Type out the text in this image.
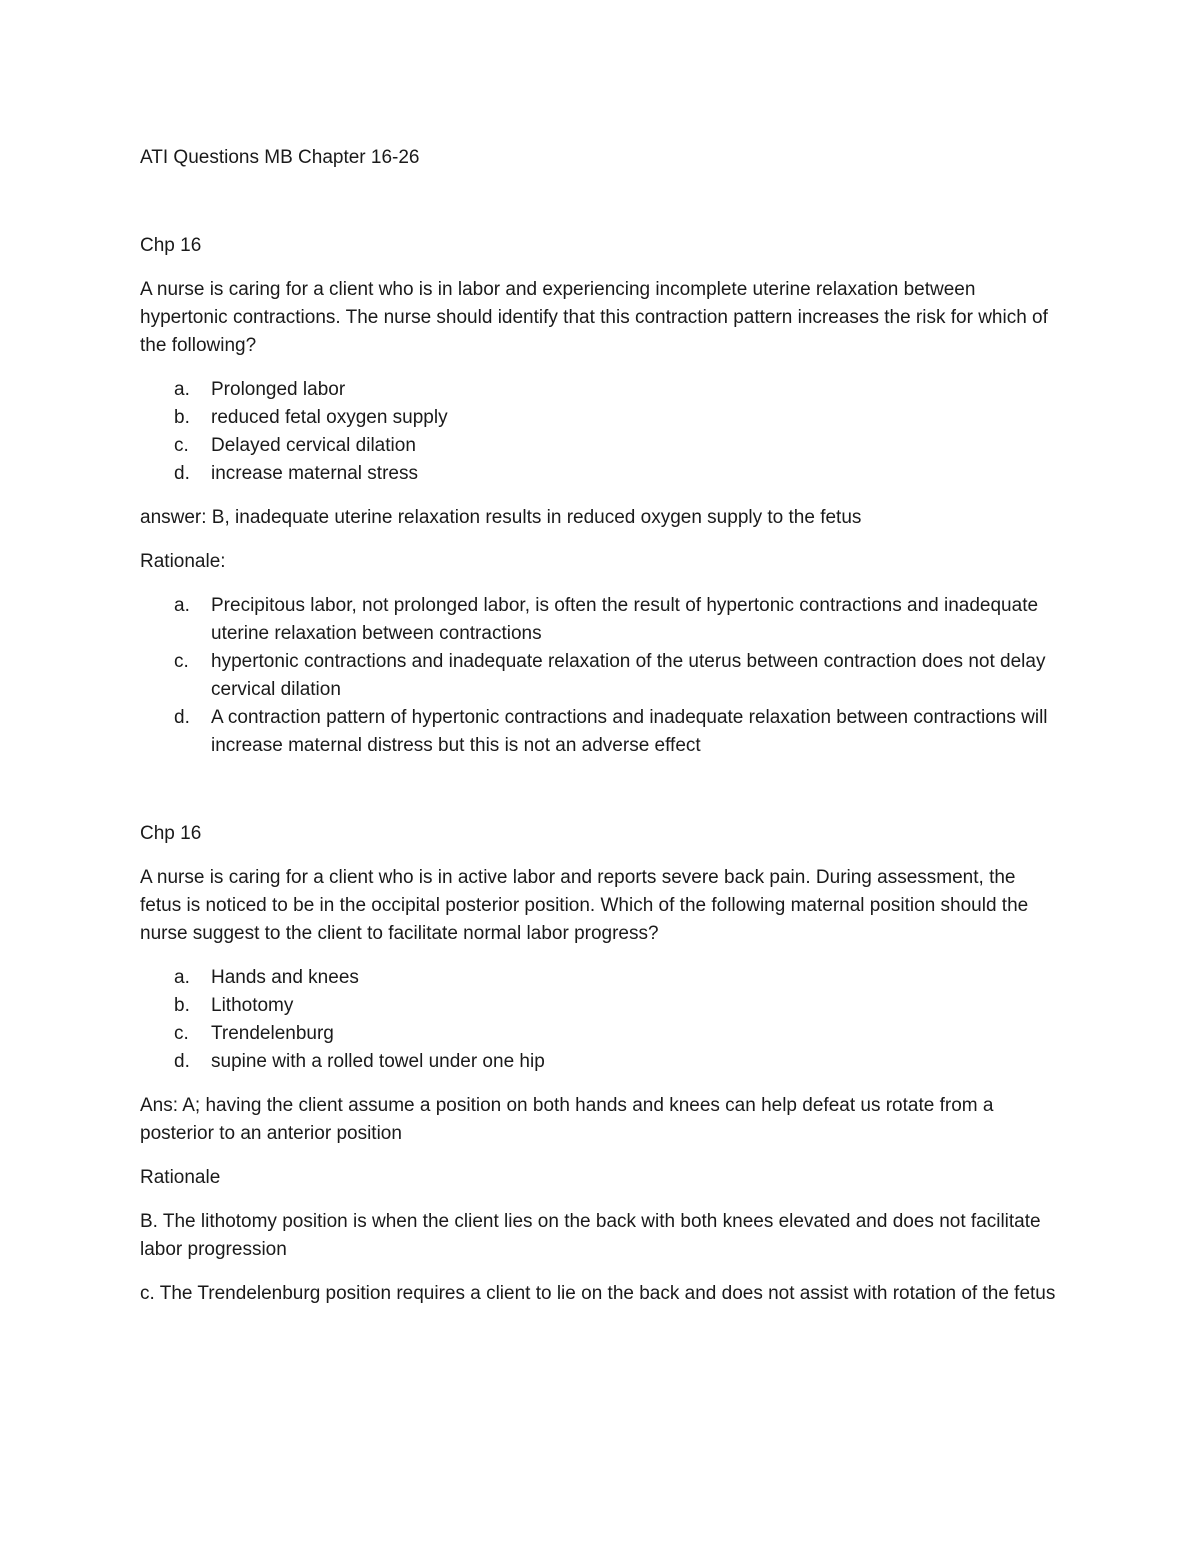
ATI Questions MB Chapter 16-26

Chp 16

A nurse is caring for a client who is in labor and experiencing incomplete uterine relaxation between hypertonic contractions. The nurse should identify that this contraction pattern increases the risk for which of the following?

a.	Prolonged labor
b.	reduced fetal oxygen supply
c.	Delayed cervical dilation
d.	increase maternal stress

answer: B, inadequate uterine relaxation results in reduced oxygen supply to the fetus

Rationale:

a.	Precipitous labor, not prolonged labor, is often the result of hypertonic contractions and inadequate uterine relaxation between contractions
c.	hypertonic contractions and inadequate relaxation of the uterus between contraction does not delay cervical dilation
d.	A contraction pattern of hypertonic contractions and inadequate relaxation between contractions will increase maternal distress but this is not an adverse effect

Chp 16

A nurse is caring for a client who is in active labor and reports severe back pain. During assessment, the fetus is noticed to be in the occipital posterior position. Which of the following maternal position should the nurse suggest to the client to facilitate normal labor progress?

a.	Hands and knees
b.	Lithotomy
c.	Trendelenburg
d.	supine with a rolled towel under one hip

Ans: A; having the client assume a position on both hands and knees can help defeat us rotate from a posterior to an anterior position

Rationale

B. The lithotomy position is when the client lies on the back with both knees elevated and does not facilitate labor progression

c. The Trendelenburg position requires a client to lie on the back and does not assist with rotation of the fetus
